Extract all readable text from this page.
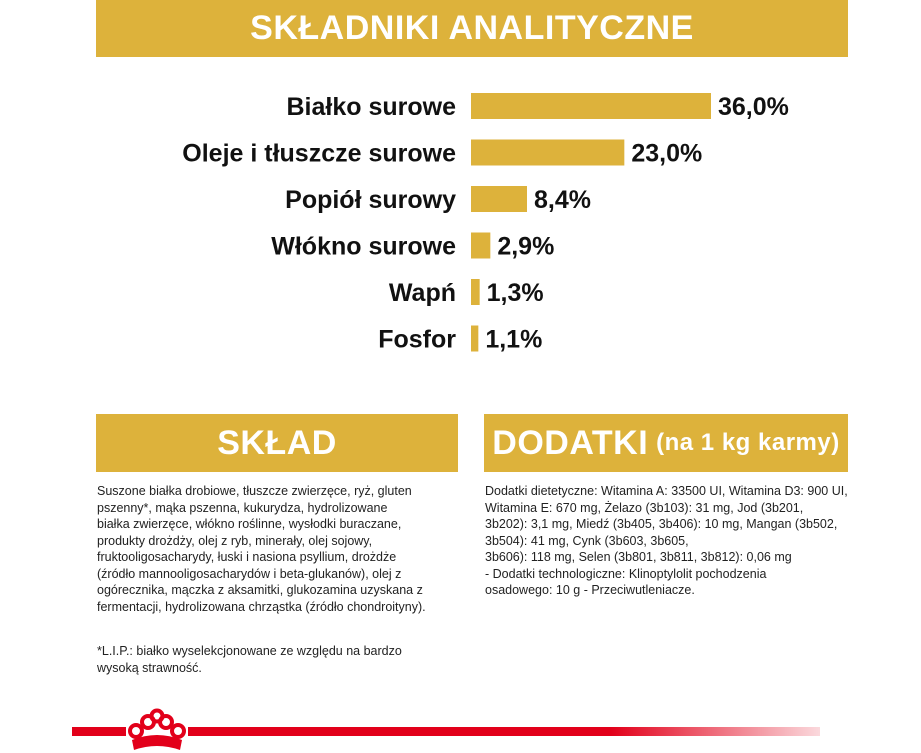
SKŁADNIKI ANALITYCZNE
Białko surowe	36,0%
Oleje i tłuszcze surowe	23,0%
Popiół surowy	8,4%
Włókno surowe 2,9%
Wapń 1,3%
Fosfor 1,1%
SKŁAD	DODATKI (na 1 kg karmy)
Suszone białka drobiowe, tłuszcze zwierzęce, ryż, gluten
pszenny*, mąka pszenna, kukurydza, hydrolizowane
białka zwierzęce, włókno roślinne, wysłodki buraczane,
produkty drożdży, olej z ryb, minerały, olej sojowy,
fruktooligosacharydy, łuski i nasiona psyllium, drożdże
(źródło mannooligosacharydów i beta-glukanów), olej z
ogórecznika, mączka z aksamitki, glukozamina uzyskana z
fermentacji, hydrolizowana chrząstka (źródło chondroityny).
*L.I.P.: białko wyselekcjonowane ze względu na bardzo
wysoką strawność.
Dodatki dietetyczne: Witamina A: 33500 UI, Witamina D3: 900 UI,
Witamina E: 670 mg, Żelazo (3b103): 31 mg, Jod (3b201,
3b202): 3,1 mg, Miedź (3b405, 3b406): 10 mg, Mangan (3b502,
3b504): 41 mg, Cynk (3b603, 3b605,
3b606): 118 mg, Selen (3b801, 3b811, 3b812): 0,06 mg
- Dodatki technologiczne: Klinoptylolit pochodzenia
osadowego: 10 g - Przeciwutleniacze.
